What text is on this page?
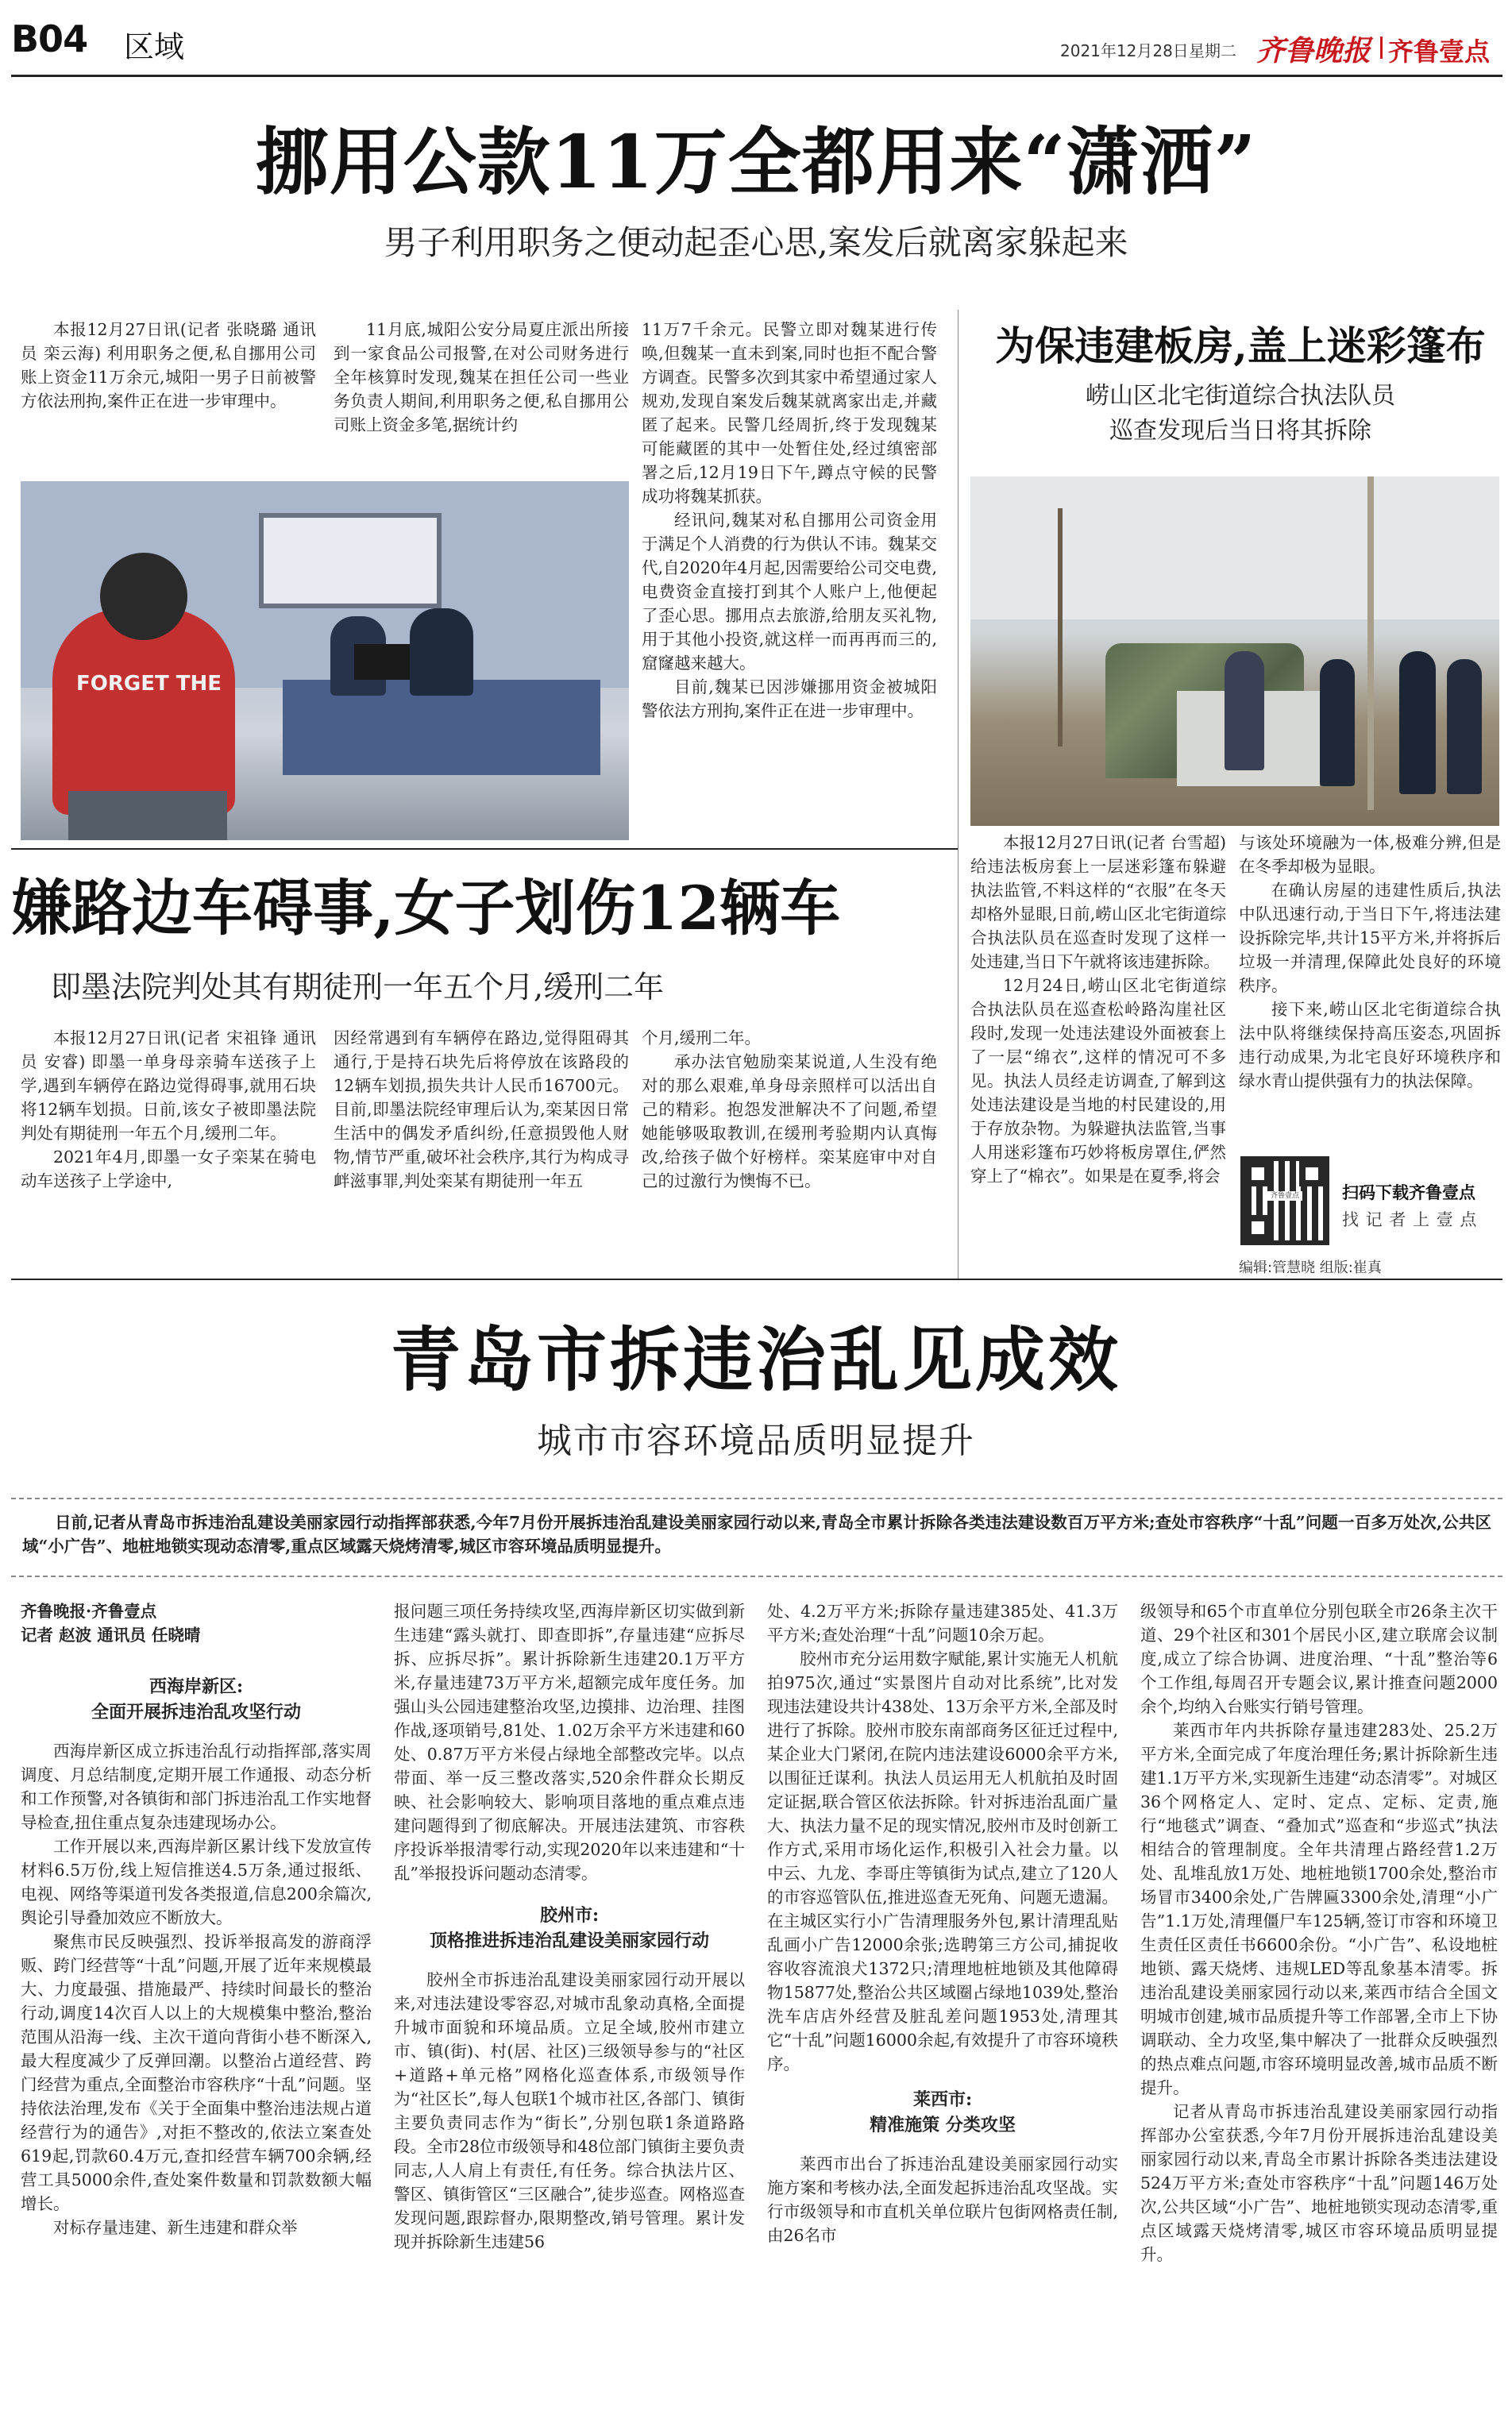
B04 区域	2021年12月28日 星期二 齐鲁晚报 齐鲁壹点
挪用公款11万全都用来“潇洒”
男子利用职务之便动起歪心思,案发后就离家躲起来

本报12月27日讯(记者 张晓璐 通讯员 栾云海) 利用职务之便,私自挪用公司账上资金11万余元,城阳一男子日前被警方依法刑拘,案件正在进一步审理中。

11月底,城阳公安分局夏庄派出所接到一家食品公司报警,在对公司财务进行全年核算时发现,魏某在担任公司一些业务负责人期间,利用职务之便,私自挪用公司账上资金多笔,据统计约

11万7千余元。民警立即对魏某进行传唤,但魏某一直未到案,同时也拒不配合警方调查。民警多次到其家中希望通过家人规劝,发现自案发后魏某就离家出走,并藏匿了起来。民警几经周折,终于发现魏某可能藏匿的其中一处暂住处,经过缜密部署之后,12月19日下午,蹲点守候的民警成功将魏某抓获。

经讯问,魏某对私自挪用公司资金用于满足个人消费的行为供认不讳。魏某交代,自2020年4月起,因需要给公司交电费,电费资金直接打到其个人账户上,他便起了歪心思。挪用点去旅游,给朋友买礼物,用于其他小投资,就这样一而再再而三的,窟窿越来越大。

目前,魏某已因涉嫌挪用资金被城阳警依法方刑拘,案件正在进一步审理中。

FORGET THE
嫌路边车碍事,女子划伤12辆车
即墨法院判处其有期徒刑一年五个月,缓刑二年

本报12月27日讯(记者 宋祖锋 通讯员 安睿) 即墨一单身母亲骑车送孩子上学,遇到车辆停在路边觉得碍事,就用石块将12辆车划损。日前,该女子被即墨法院判处有期徒刑一年五个月,缓刑二年。

2021年4月,即墨一女子栾某在骑电动车送孩子上学途中,

因经常遇到有车辆停在路边,觉得阻碍其通行,于是持石块先后将停放在该路段的12辆车划损,损失共计人民币16700元。目前,即墨法院经审理后认为,栾某因日常生活中的偶发矛盾纠纷,任意损毁他人财物,情节严重,破坏社会秩序,其行为构成寻衅滋事罪,判处栾某有期徒刑一年五

个月,缓刑二年。

承办法官勉励栾某说道,人生没有绝对的那么艰难,单身母亲照样可以活出自己的精彩。抱怨发泄解决不了问题,希望她能够吸取教训,在缓刑考验期内认真悔改,给孩子做个好榜样。栾某庭审中对自己的过激行为懊悔不已。

为保违建板房,盖上迷彩篷布
崂山区北宅街道综合执法队员
巡查发现后当日将其拆除

本报12月27日讯(记者 台雪超) 给违法板房套上一层迷彩篷布躲避执法监管,不料这样的“衣服”在冬天却格外显眼,日前,崂山区北宅街道综合执法队员在巡查时发现了这样一处违建,当日下午就将该违建拆除。

12月24日,崂山区北宅街道综合执法队员在巡查松岭路沟崖社区段时,发现一处违法建设外面被套上了一层“绵衣”,这样的情况可不多见。执法人员经走访调查,了解到这处违法建设是当地的村民建设的,用于存放杂物。为躲避执法监管,当事人用迷彩篷布巧妙将板房罩住,俨然穿上了“棉衣”。如果是在夏季,将会

与该处环境融为一体,极难分辨,但是在冬季却极为显眼。

在确认房屋的违建性质后,执法中队迅速行动,于当日下午,将违法建设拆除完毕,共计15平方米,并将拆后垃圾一并清理,保障此处良好的环境秩序。

接下来,崂山区北宅街道综合执法中队将继续保持高压姿态,巩固拆违行动成果,为北宅良好环境秩序和绿水青山提供强有力的执法保障。

齐鲁壹点	扫码下载齐鲁壹点
找 记 者 上 壹 点
编辑:管慧晓 组版:崔真
青岛市拆违治乱见成效
城市市容环境品质明显提升
日前,记者从青岛市拆违治乱建设美丽家园行动指挥部获悉,今年7月份开展拆违治乱建设美丽家园行动以来,青岛全市累计拆除各类违法建设数百万平方米;查处市容秩序“十乱”问题一百多万处次,公共区域“小广告”、地桩地锁实现动态清零,重点区域露天烧烤清零,城区市容环境品质明显提升。

齐鲁晚报·齐鲁壹点

记者 赵波 通讯员 任晓晴

西海岸新区:
全面开展拆违治乱攻坚行动

西海岸新区成立拆违治乱行动指挥部,落实周调度、月总结制度,定期开展工作通报、动态分析和工作预警,对各镇街和部门拆违治乱工作实地督导检查,扭住重点复杂违建现场办公。

工作开展以来,西海岸新区累计线下发放宣传材料6.5万份,线上短信推送4.5万条,通过报纸、电视、网络等渠道刊发各类报道,信息200余篇次,舆论引导叠加效应不断放大。

聚焦市民反映强烈、投诉举报高发的游商浮贩、跨门经营等“十乱”问题,开展了近年来规模最大、力度最强、措施最严、持续时间最长的整治行动,调度14次百人以上的大规模集中整治,整治范围从沿海一线、主次干道向背街小巷不断深入,最大程度减少了反弹回潮。以整治占道经营、跨门经营为重点,全面整治市容秩序“十乱”问题。坚持依法治理,发布《关于全面集中整治违法规占道经营行为的通告》,对拒不整改的,依法立案查处619起,罚款60.4万元,查扣经营车辆700余辆,经营工具5000余件,查处案件数量和罚款数额大幅增长。

对标存量违建、新生违建和群众举

报问题三项任务持续攻坚,西海岸新区切实做到新生违建“露头就打、即查即拆”,存量违建“应拆尽拆、应拆尽拆”。累计拆除新生违建20.1万平方米,存量违建73万平方米,超额完成年度任务。加强山头公园违建整治攻坚,边摸排、边治理、挂图作战,逐项销号,81处、1.02万余平方米违建和60处、0.87万平方米侵占绿地全部整改完毕。以点带面、举一反三整改落实,520余件群众长期反映、社会影响较大、影响项目落地的重点难点违建问题得到了彻底解决。开展违法建筑、市容秩序投诉举报清零行动,实现2020年以来违建和“十乱”举报投诉问题动态清零。

胶州市:
顶格推进拆违治乱建设美丽家园行动

胶州全市拆违治乱建设美丽家园行动开展以来,对违法建设零容忍,对城市乱象动真格,全面提升城市面貌和环境品质。立足全域,胶州市建立市、镇(街)、村(居、社区)三级领导参与的“社区+道路+单元格”网格化巡查体系,市级领导作为“社区长”,每人包联1个城市社区,各部门、镇街主要负责同志作为“街长”,分别包联1条道路路段。全市28位市级领导和48位部门镇街主要负责同志,人人肩上有责任,有任务。综合执法片区、警区、镇街管区“三区融合”,徒步巡查。网格巡查发现问题,跟踪督办,限期整改,销号管理。累计发现并拆除新生违建56

处、4.2万平方米;拆除存量违建385处、41.3万平方米;查处治理“十乱”问题10余万起。

胶州市充分运用数字赋能,累计实施无人机航拍975次,通过“实景图片自动对比系统”,比对发现违法建设共计438处、13万余平方米,全部及时进行了拆除。胶州市胶东南部商务区征迁过程中,某企业大门紧闭,在院内违法建设6000余平方米,以围征迁谋利。执法人员运用无人机航拍及时固定证据,联合管区依法拆除。针对拆违治乱面广量大、执法力量不足的现实情况,胶州市及时创新工作方式,采用市场化运作,积极引入社会力量。以中云、九龙、李哥庄等镇街为试点,建立了120人的市容巡管队伍,推进巡查无死角、问题无遗漏。在主城区实行小广告清理服务外包,累计清理乱贴乱画小广告12000余张;选聘第三方公司,捕捉收容收容流浪犬1372只;清理地桩地锁及其他障碍物15877处,整治公共区域圈占绿地1039处,整治洗车店店外经营及脏乱差问题1953处,清理其它“十乱”问题16000余起,有效提升了市容环境秩序。

莱西市:
精准施策 分类攻坚

莱西市出台了拆违治乱建设美丽家园行动实施方案和考核办法,全面发起拆违治乱攻坚战。实行市级领导和市直机关单位联片包街网格责任制,由26名市

级领导和65个市直单位分别包联全市26条主次干道、29个社区和301个居民小区,建立联席会议制度,成立了综合协调、进度治理、“十乱”整治等6个工作组,每周召开专题会议,累计推查问题2000余个,均纳入台账实行销号管理。

莱西市年内共拆除存量违建283处、25.2万平方米,全面完成了年度治理任务;累计拆除新生违建1.1万平方米,实现新生违建“动态清零”。对城区36个网格定人、定时、定点、定标、定责,施行“地毯式”调查、“叠加式”巡查和“步巡式”执法相结合的管理制度。全年共清理占路经营1.2万处、乱堆乱放1万处、地桩地锁1700余处,整治市场冒市3400余处,广告牌匾3300余处,清理“小广告”1.1万处,清理僵尸车125辆,签订市容和环境卫生责任区责任书6600余份。“小广告”、私设地桩地锁、露天烧烤、违规LED等乱象基本清零。拆违治乱建设美丽家园行动以来,莱西市结合全国文明城市创建,城市品质提升等工作部署,全市上下协调联动、全力攻坚,集中解决了一批群众反映强烈的热点难点问题,市容环境明显改善,城市品质不断提升。

记者从青岛市拆违治乱建设美丽家园行动指挥部办公室获悉,今年7月份开展拆违治乱建设美丽家园行动以来,青岛全市累计拆除各类违法建设524万平方米;查处市容秩序“十乱”问题146万处次,公共区域“小广告”、地桩地锁实现动态清零,重点区域露天烧烤清零,城区市容环境品质明显提升。
